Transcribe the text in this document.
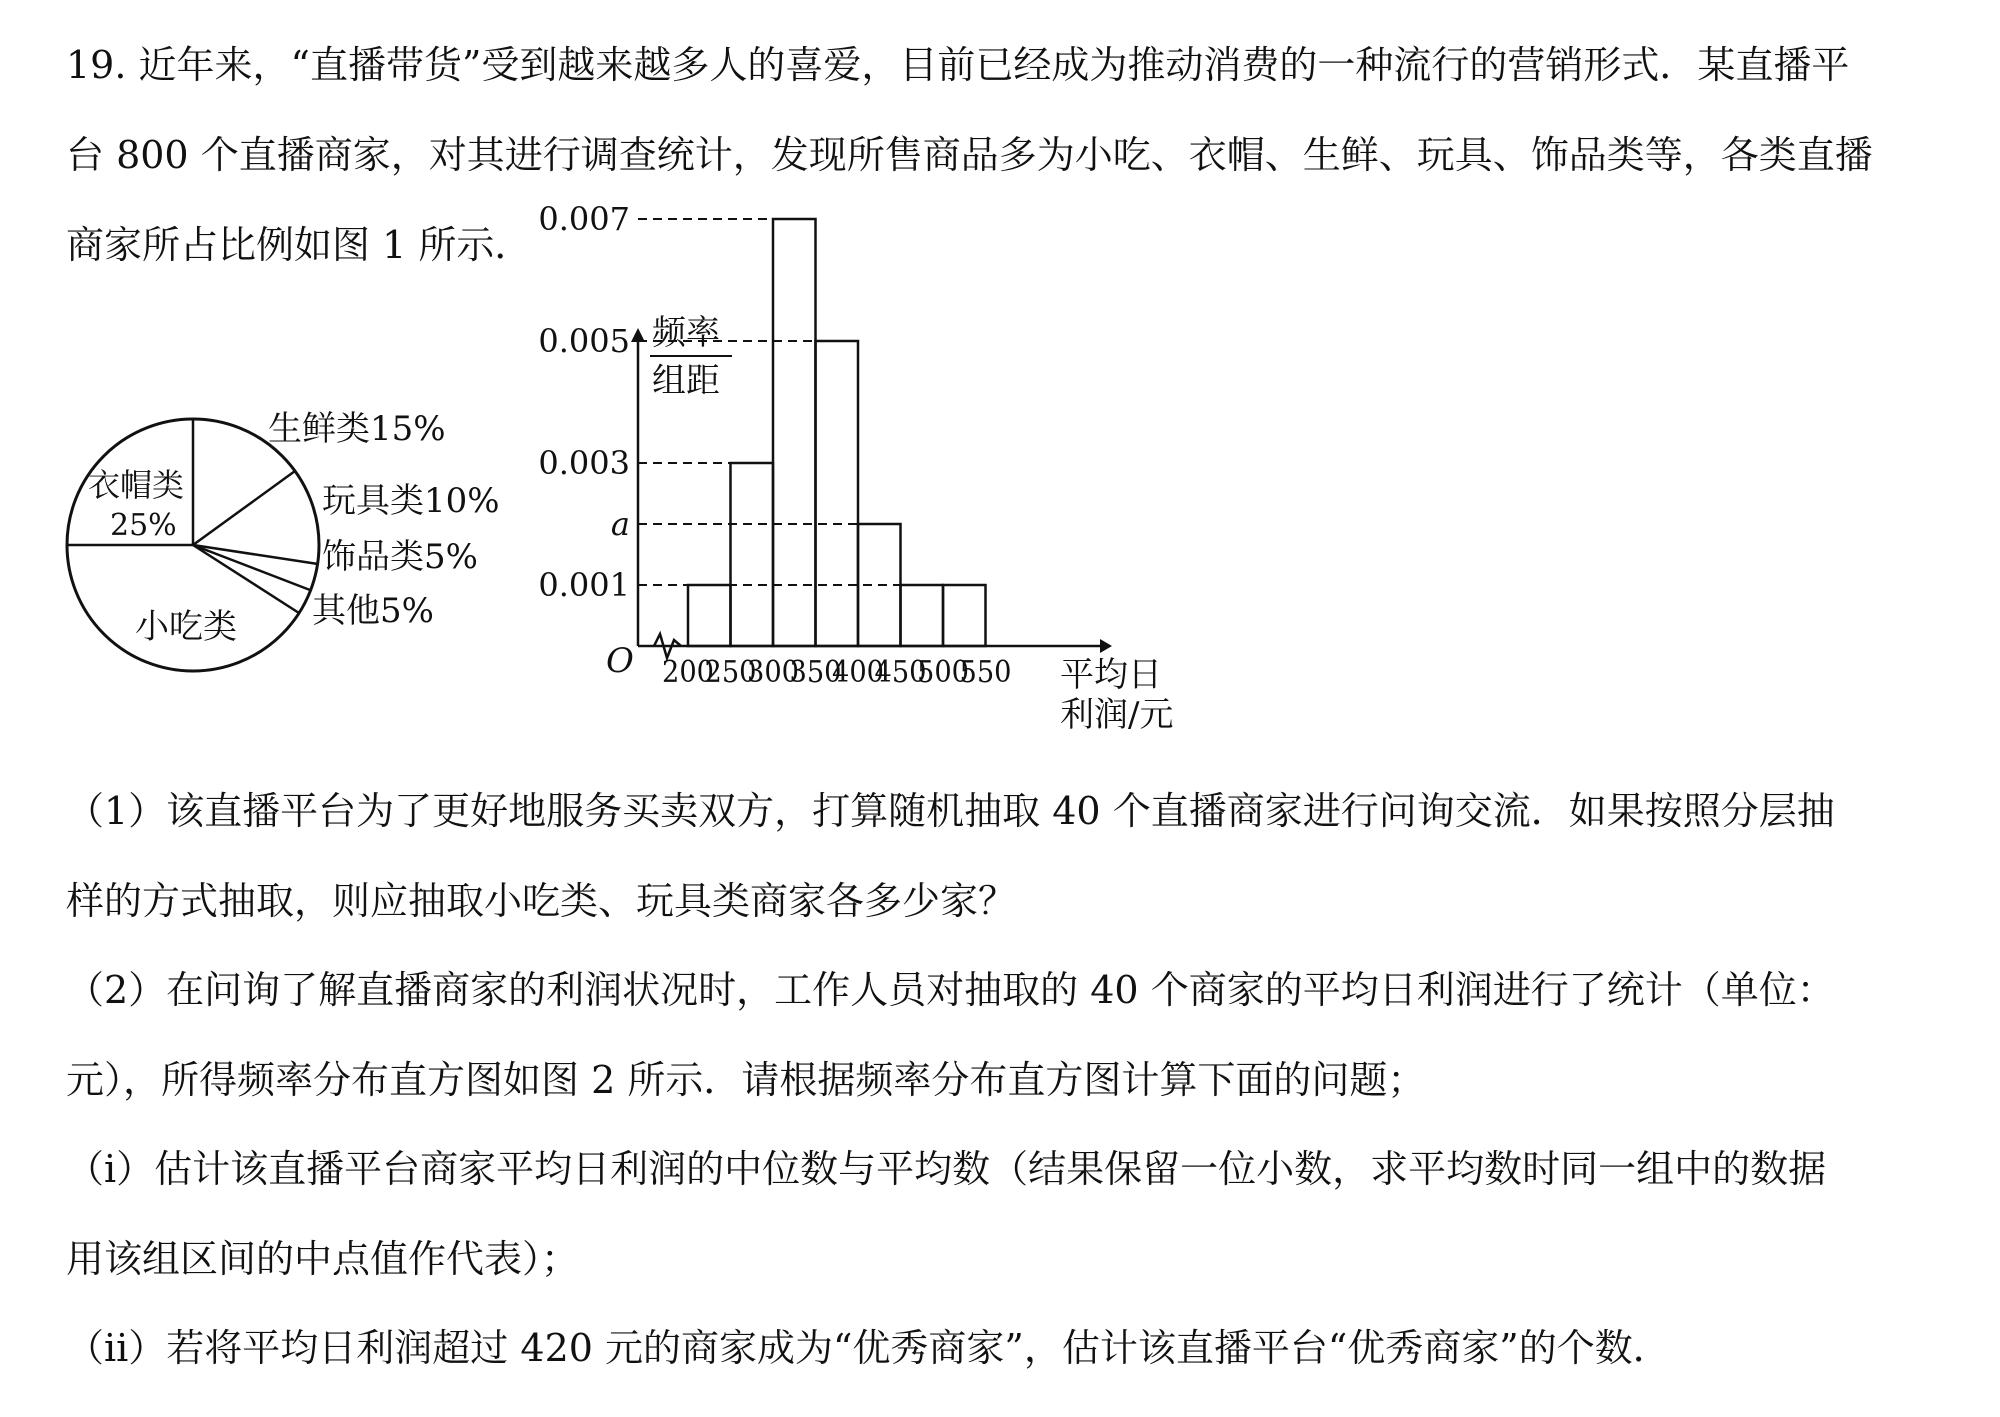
19. 近年来，“直播带货”受到越来越多人的喜爱，目前已经成为推动消费的一种流行的营销形式．某直播平
台 800 个直播商家，对其进行调查统计，发现所售商品多为小吃、衣帽、生鲜、玩具、饰品类等，各类直播
商家所占比例如图 1 所示．
生鲜类15%
玩具类10%
饰品类5%
其他5%
小吃类
衣帽类
25%
频率
组距
O	平均日
利润/元
0.007
0.005
0.003
a
0.001
200
250
300
350
400
450
500
550
（1）该直播平台为了更好地服务买卖双方，打算随机抽取 40 个直播商家进行问询交流．如果按照分层抽
样的方式抽取，则应抽取小吃类、玩具类商家各多少家？
（2）在问询了解直播商家的利润状况时，工作人员对抽取的 40 个商家的平均日利润进行了统计（单位：
元），所得频率分布直方图如图 2 所示．请根据频率分布直方图计算下面的问题；
（i）估计该直播平台商家平均日利润的中位数与平均数（结果保留一位小数，求平均数时同一组中的数据
用该组区间的中点值作代表）；
（ii）若将平均日利润超过 420 元的商家成为“优秀商家”，估计该直播平台“优秀商家”的个数．
